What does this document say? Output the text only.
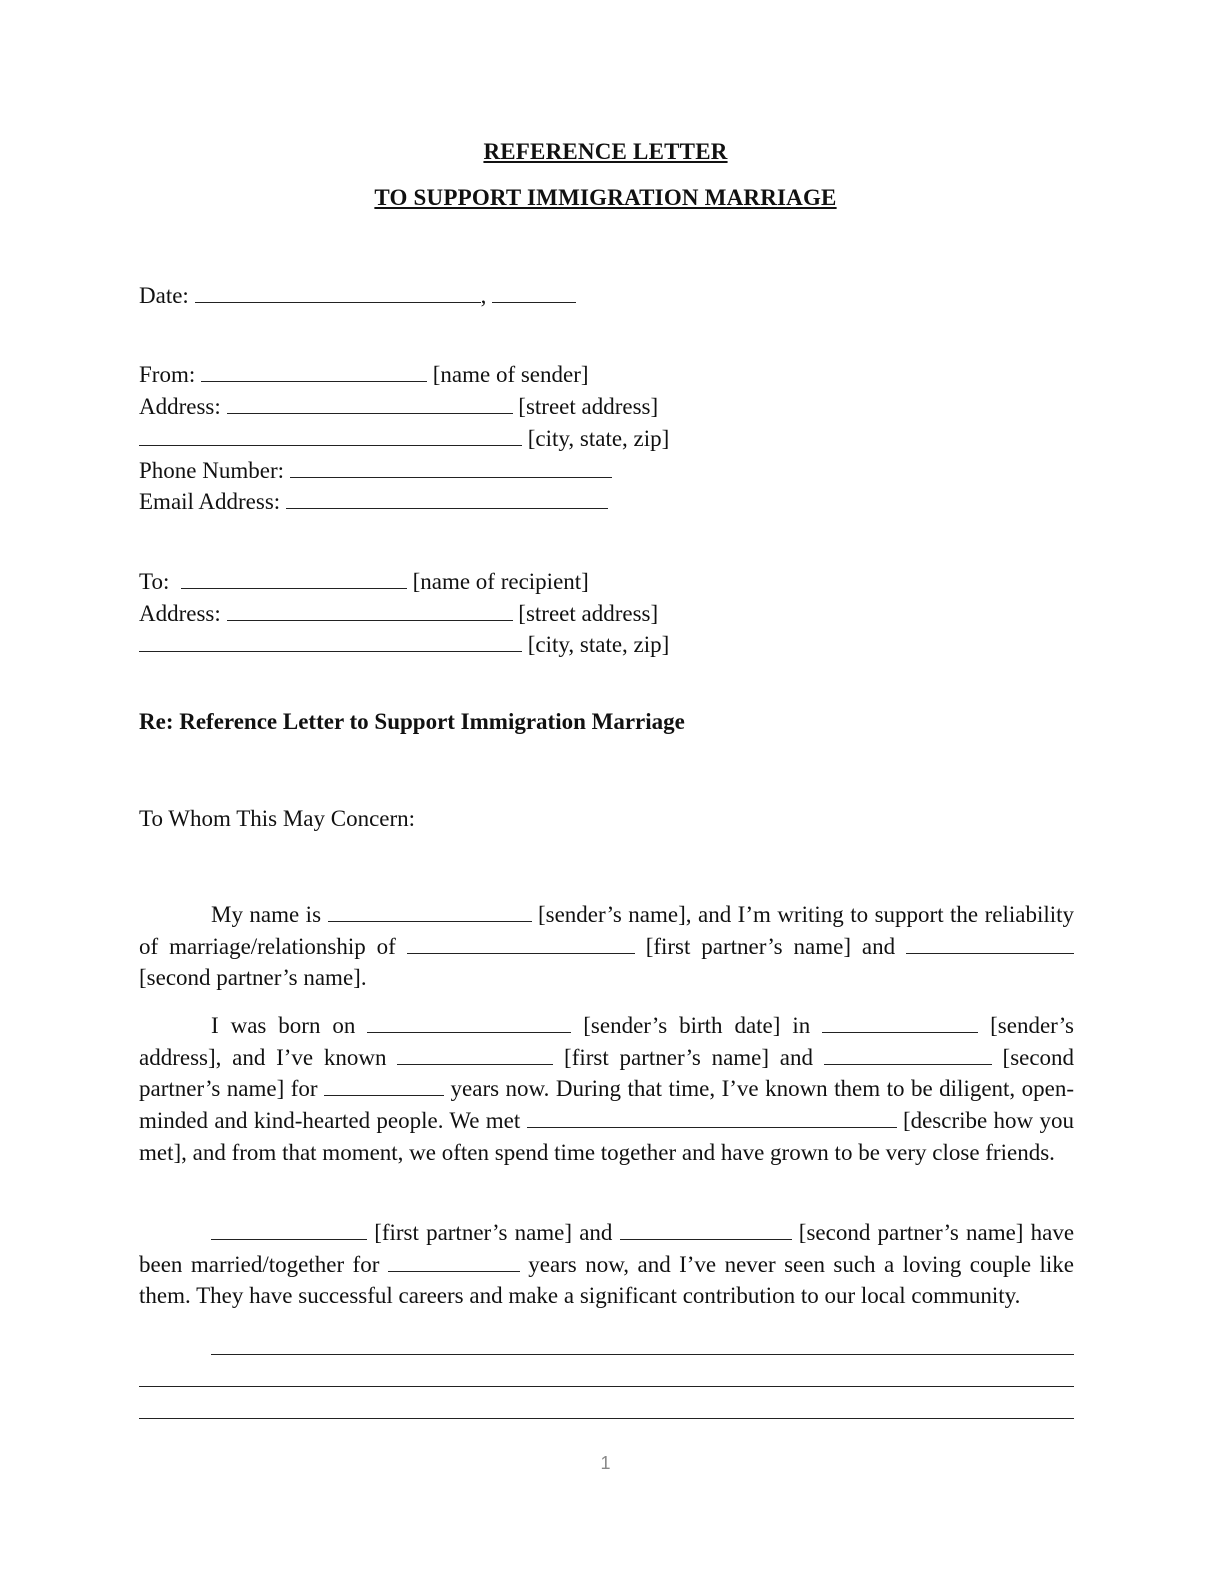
REFERENCE LETTER
TO SUPPORT IMMIGRATION MARRIAGE
Date:	,
From:	[name of sender]
Address:	[street address]
[city, state, zip]
Phone Number:
Email Address:
To:	[name of recipient]
Address:	[street address]
[city, state, zip]
Re: Reference Letter to Support Immigration Marriage
To Whom This May Concern:
My name is	[sender’s name], and I’m writing to support the reliability of marriage/relationship of	[first partner’s name] and  [second partner’s name].
I was born on	[sender’s birth date] in	[sender’s address], and I’ve known	[first partner’s name] and	[second partner’s name] for	years now. During that time, I’ve known them to be diligent, open-minded and kind-hearted people. We met	[describe how you met], and from that moment, we often spend time together and have grown to be very close friends.
[first partner’s name] and	[second partner’s name] have been married/together for	years now, and I’ve never seen such a loving couple like them. They have successful careers and make a significant contribution to our local community.
1
